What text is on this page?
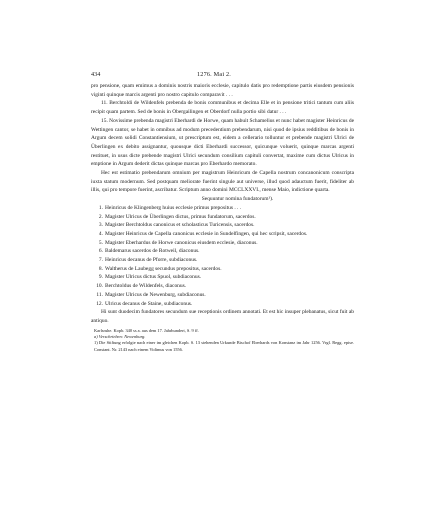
434	1276. Mai 2.

pro pensione, quam emimus a dominis nostris maioris ecclesie, capitulo datis pro redemptione partis eiusdem pensionis viginti quinque marcis argenti pro nostro capitulo comparavit . . .

11. Berchtoldi de Wildenfels prebenda de bonis communibus et decima Elle et in pensione tritici tantum cum aliis recipit quam partem. Sed de bonis in Obergailingen et Oberdorf nulla portio sibi datur . . .

15. Novissime prebenda magistri Eberhardi de Horwe, quam habuit Schamelius et nunc habet magister Heinricus de Wettingen cantor, se habet in omnibus ad modum precedentium prebendarum, nisi quod de ipsius redditibus de bonis in Argum decem solidi Constantiensium, ut prescriptum est, eidem a cellerario tolluntur et prebende magistri Ulrici de Überlingen ex debito assignantur, quousque dicti Eberhardi successor, quicunque voluerit, quinque marcas argenti restituet, in usus dicte prebende magistri Ulrici secundum consilium capituli convertat, maxime cum dictus Ulricus in emptione in Argum dederit dictas quinque marcas pro Eberhardo memorato.

Hec est estimatio prebendarum omnium per magistrum Heinricum de Capella nostrum concanonicum conscripta iuxta statum modernum. Sed postquam meliorate fuerint singule aut universe, illud quod adauctum fuerit, fideliter ab illis, qui pro tempore fuerint, ascribatur. Scriptum anno domini MCCLXXVI., mense Maio, indictione quarta.

Sequuntur nomina fundatorum¹).

1. Heinricus de Klingenberg huius ecclesie primus prepositus . . .
2. Magister Ulricus de Überlingen dictus, primus fundatorum, sacerdos.
3. Magister Berchtoldus canonicus et scholasticus Turicensis, sacerdos.
4. Magister Heinricus de Capella canonicus ecclesie in Sundelfingen, qui hec scripsit, sacerdos.
5. Magister Eberhardus de Horwe canonicus eiusdem ecclesie, diaconus.
6. Baldemarus sacerdos de Rotweil, diaconus.
7. Heinricus decanus de Pforre, subdiaconus.
8. Waltherus de Laubegg secundus prepositus, sacerdos.
9. Magister Ulricus dictus Spuol, subdiaconus.
10. Berchtoldus de Wildenfels, diaconus.
11. Magister Ulricus de Newenburg, subdiaconus.
12. Ulricus decanus de Staine, subdiaconus.

Hi sunt duodecim fundatores secundum sue receptionis ordinem annotati. Et est hic insuper plebanatus, sicut fuit ab antiquo.

Karlsruhe. Kopb. 340 ss a. aus dem 17. Jahrhundert, S. 9 ff.

a) Verschrieben: Newenburg.

1) Die Stiftung erfolgte nach einer im gleichen Kopb. S. 13 stehenden Urkunde Bischof Eberhards von Konstanz im Jahr 1256. Vrgl. Regg. epise. Constant. Nr. 2143 nach einem Vidimus von 1556.
